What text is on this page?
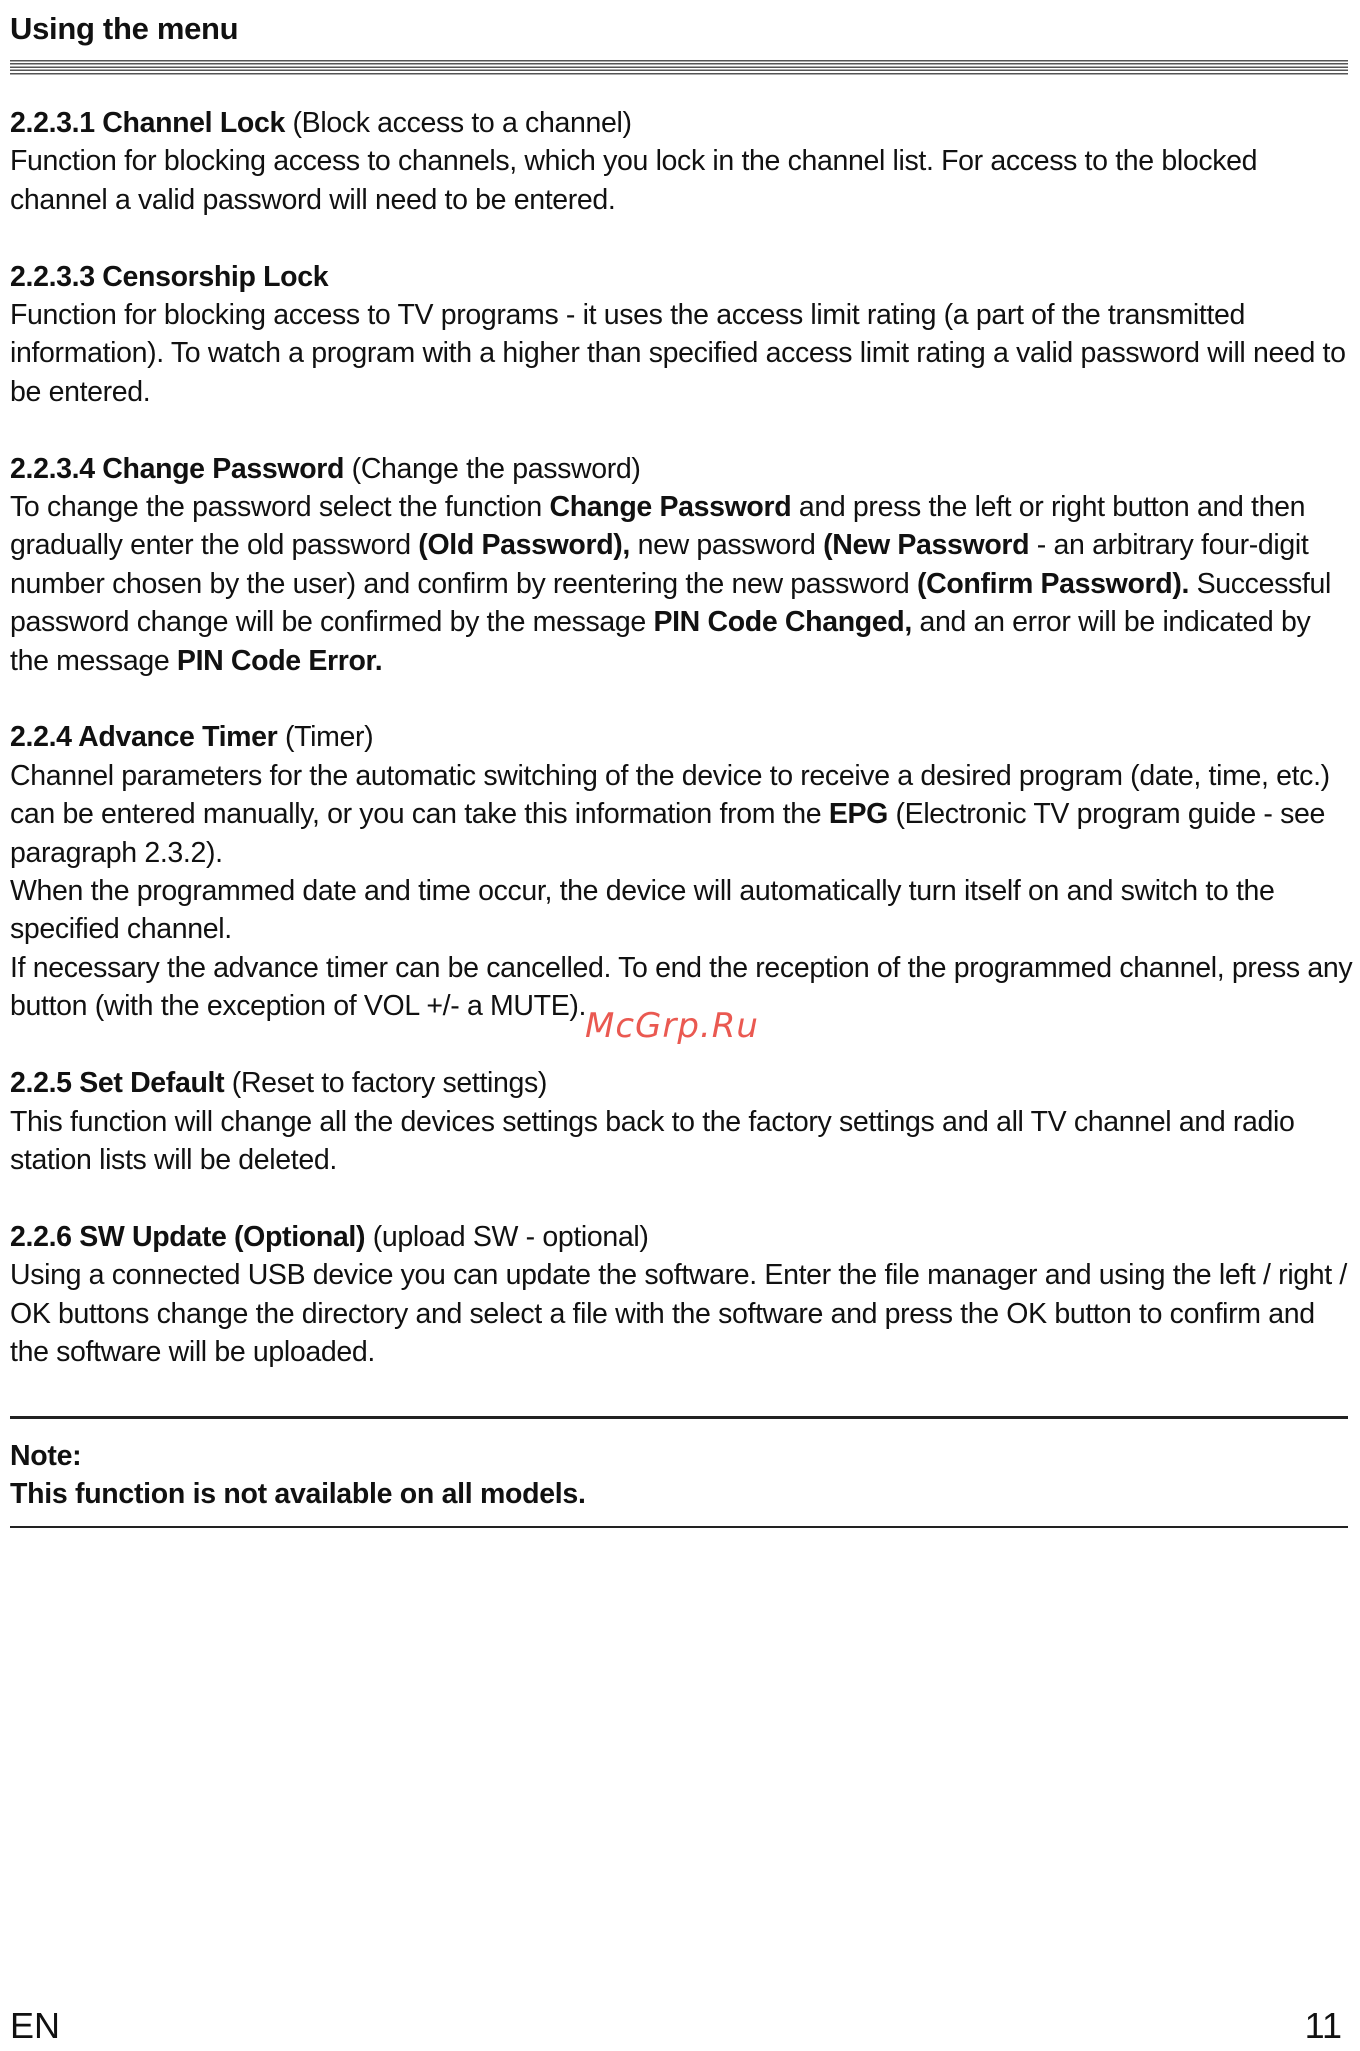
Using the menu

2.2.3.1 Channel Lock (Block access to a channel)

Function for blocking access to channels, which you lock in the channel list. For access to the blocked channel a valid password will need to be entered.

2.2.3.3 Censorship Lock

Function for blocking access to TV programs - it uses the access limit rating (a part of the transmitted information). To watch a program with a higher than specified access limit rating a valid password will need to be entered.

2.2.3.4 Change Password (Change the password)

To change the password select the function Change Password and press the left or right button and then gradually enter the old password (Old Password), new password (New Password - an arbitrary four-digit number chosen by the user) and confirm by reentering the new password (Confirm Password). Successful password change will be confirmed by the message PIN Code Changed, and an error will be indicated by the message PIN Code Error.

2.2.4 Advance Timer (Timer)

Channel parameters for the automatic switching of the device to receive a desired program (date, time, etc.) can be entered manually, or you can take this information from the EPG (Electronic TV program guide - see paragraph 2.3.2).
When the programmed date and time occur, the device will automatically turn itself on and switch to the specified channel.
If necessary the advance timer can be cancelled. To end the reception of the programmed channel, press any button (with the exception of VOL +/- a MUTE).

2.2.5 Set Default (Reset to factory settings)

This function will change all the devices settings back to the factory settings and all TV channel and radio station lists will be deleted.

2.2.6 SW Update (Optional) (upload SW - optional)

Using a connected USB device you can update the software. Enter the file manager and using the left / right / OK buttons change the directory and select a file with the software and press the OK button to confirm and the software will be uploaded.

McGrp.Ru

Note:

This function is not available on all models.

EN	11
